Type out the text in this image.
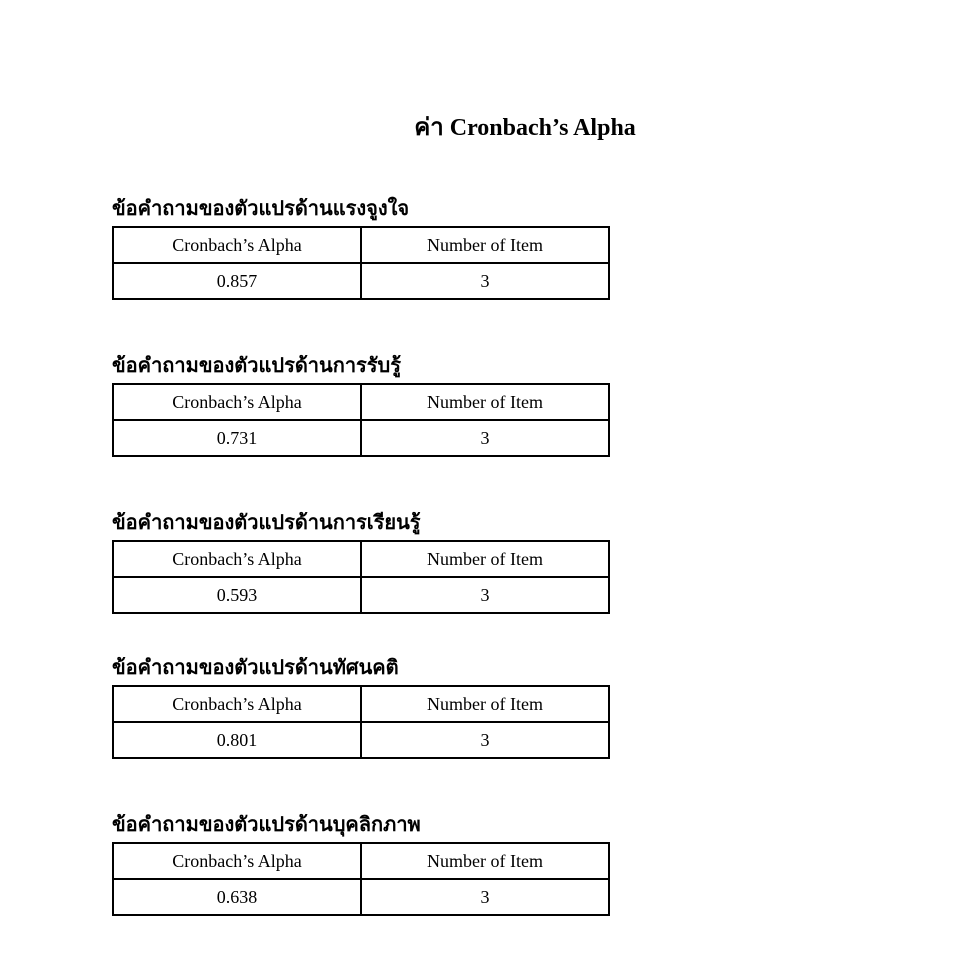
ค่า Cronbach’s Alpha
ข้อคำถามของตัวแปรด้านแรงจูงใจ
Cronbach’s Alpha	Number of Item
0.857	3
ข้อคำถามของตัวแปรด้านการรับรู้
Cronbach’s Alpha	Number of Item
0.731	3
ข้อคำถามของตัวแปรด้านการเรียนรู้
Cronbach’s Alpha	Number of Item
0.593	3
ข้อคำถามของตัวแปรด้านทัศนคติ
Cronbach’s Alpha	Number of Item
0.801	3
ข้อคำถามของตัวแปรด้านบุคลิกภาพ
Cronbach’s Alpha	Number of Item
0.638	3
